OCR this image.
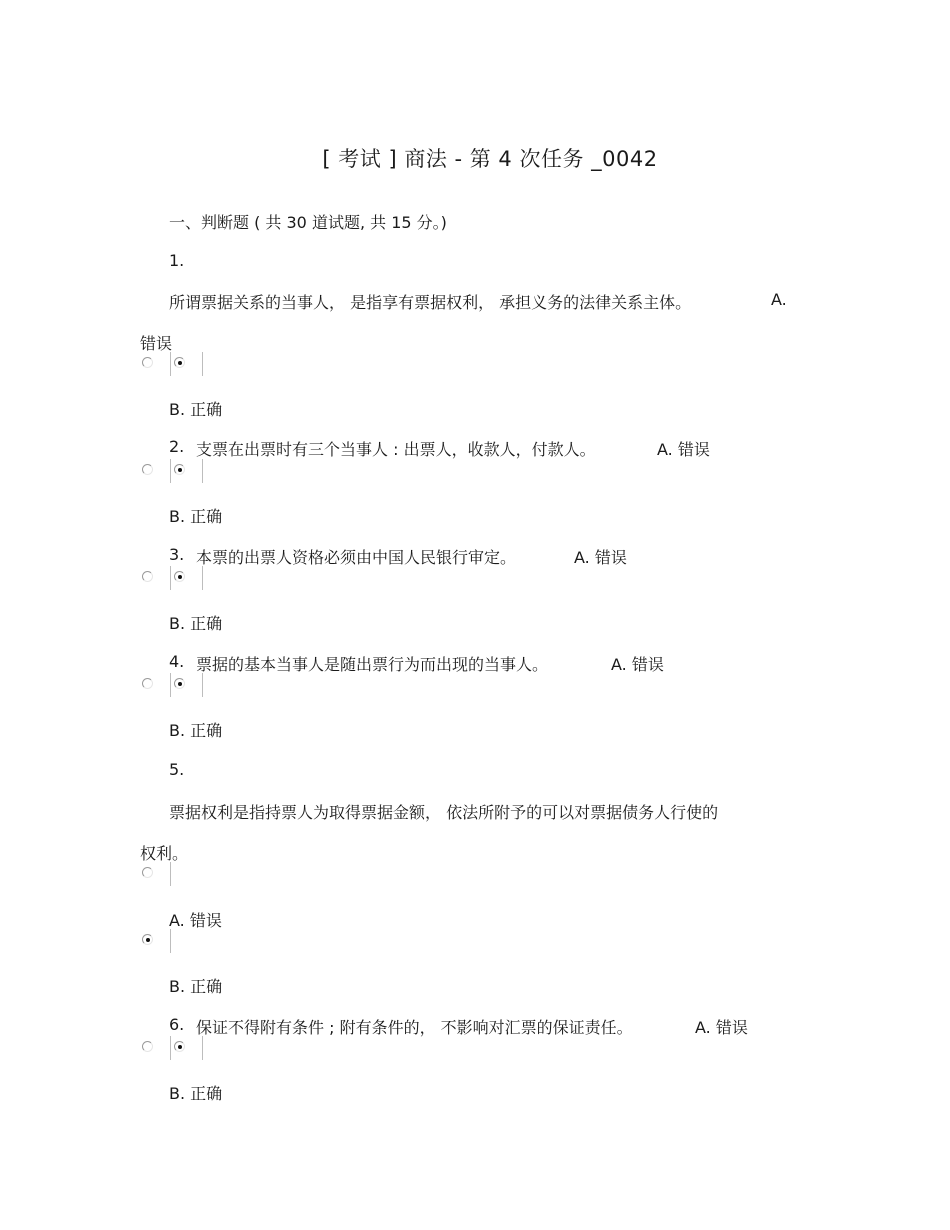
[ 考试 ] 商法 - 第 4 次任务 _0042
一、判断题 ( 共 30 道试题, 共 15 分。)
1.
所谓票据关系的当事人， 是指享有票据权利， 承担义务的法律关系主体。	A.
错误
B. 正确
2. 支票在出票时有三个当事人 : 出票人，收款人，付款人。	A. 错误
B. 正确
3. 本票的出票人资格必须由中国人民银行审定。	A. 错误
B. 正确
4. 票据的基本当事人是随出票行为而出现的当事人。	A. 错误
B. 正确
5.
票据权利是指持票人为取得票据金额， 依法所附予的可以对票据债务人行使的
权利。
A. 错误
B. 正确
6. 保证不得附有条件 ; 附有条件的， 不影响对汇票的保证责任。	A. 错误
B. 正确
